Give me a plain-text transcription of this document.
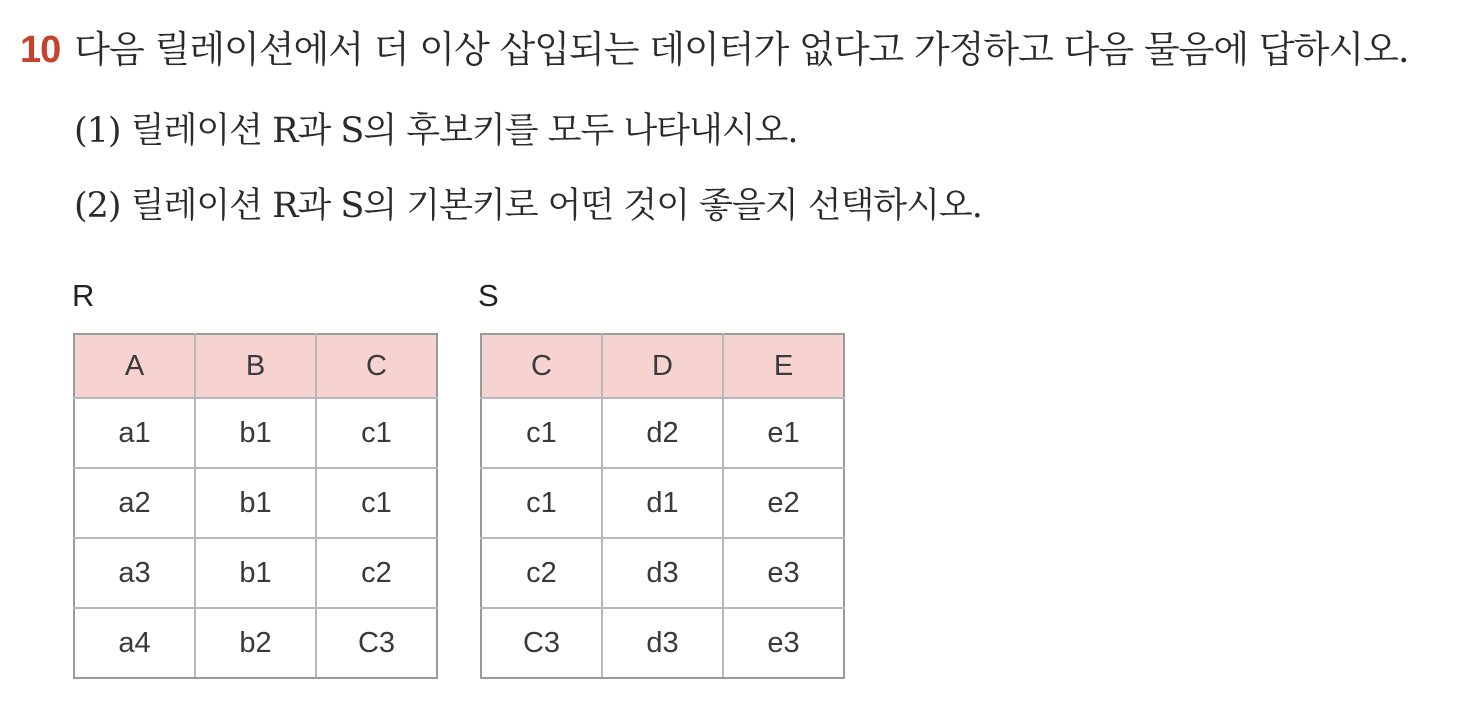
10 다음 릴레이션에서 더 이상 삽입되는 데이터가 없다고 가정하고 다음 물음에 답하시오.
(1) 릴레이션 R과 S의 후보키를 모두 나타내시오.
(2) 릴레이션 R과 S의 기본키로 어떤 것이 좋을지 선택하시오.
R	S
A	B	C
a1	b1	c1
a2	b1	c1
a3	b1	c2
a4	b2	C3
C	D	E
c1	d2	e1
c1	d1	e2
c2	d3	e3
C3	d3	e3
